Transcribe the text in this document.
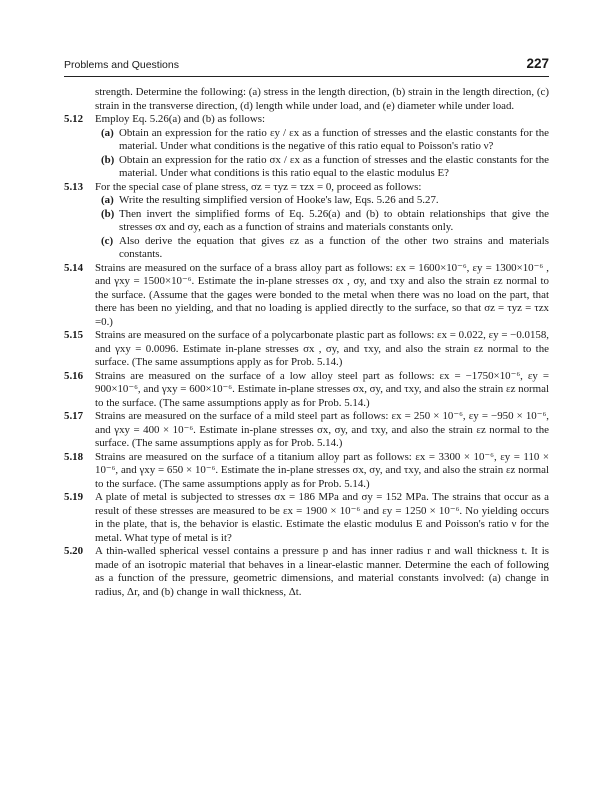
Problems and Questions	227
strength. Determine the following: (a) stress in the length direction, (b) strain in the length direction, (c) strain in the transverse direction, (d) length while under load, and (e) diameter while under load.
5.12 Employ Eq. 5.26(a) and (b) as follows:
(a) Obtain an expression for the ratio εy / εx as a function of stresses and the elastic constants for the material. Under what conditions is the negative of this ratio equal to Poisson's ratio ν?
(b) Obtain an expression for the ratio σx / εx as a function of stresses and the elastic constants for the material. Under what conditions is this ratio equal to the elastic modulus E?
5.13 For the special case of plane stress, σz = τyz = τzx = 0, proceed as follows:
(a) Write the resulting simplified version of Hooke's law, Eqs. 5.26 and 5.27.
(b) Then invert the simplified forms of Eq. 5.26(a) and (b) to obtain relationships that give the stresses σx and σy, each as a function of strains and materials constants only.
(c) Also derive the equation that gives εz as a function of the other two strains and materials constants.
5.14 Strains are measured on the surface of a brass alloy part as follows: εx = 1600×10⁻⁶, εy = 1300×10⁻⁶ , and γxy = 1500×10⁻⁶. Estimate the in-plane stresses σx , σy, and τxy and also the strain εz normal to the surface. (Assume that the gages were bonded to the metal when there was no load on the part, that there has been no yielding, and that no loading is applied directly to the surface, so that σz = τyz = τzx =0.)
5.15 Strains are measured on the surface of a polycarbonate plastic part as follows: εx = 0.022, εy = −0.0158, and γxy = 0.0096. Estimate in-plane stresses σx , σy, and τxy, and also the strain εz normal to the surface. (The same assumptions apply as for Prob. 5.14.)
5.16 Strains are measured on the surface of a low alloy steel part as follows: εx = −1750×10⁻⁶, εy = 900×10⁻⁶, and γxy = 600×10⁻⁶. Estimate in-plane stresses σx, σy, and τxy, and also the strain εz normal to the surface. (The same assumptions apply as for Prob. 5.14.)
5.17 Strains are measured on the surface of a mild steel part as follows: εx = 250 × 10⁻⁶, εy = −950 × 10⁻⁶, and γxy = 400 × 10⁻⁶. Estimate in-plane stresses σx, σy, and τxy, and also the strain εz normal to the surface. (The same assumptions apply as for Prob. 5.14.)
5.18 Strains are measured on the surface of a titanium alloy part as follows: εx = 3300 × 10⁻⁶, εy = 110 × 10⁻⁶, and γxy = 650 × 10⁻⁶. Estimate the in-plane stresses σx, σy, and τxy, and also the strain εz normal to the surface. (The same assumptions apply as for Prob. 5.14.)
5.19 A plate of metal is subjected to stresses σx = 186 MPa and σy = 152 MPa. The strains that occur as a result of these stresses are measured to be εx = 1900 × 10⁻⁶ and εy = 1250 × 10⁻⁶. No yielding occurs in the plate, that is, the behavior is elastic. Estimate the elastic modulus E and Poisson's ratio ν for the metal. What type of metal is it?
5.20 A thin-walled spherical vessel contains a pressure p and has inner radius r and wall thickness t. It is made of an isotropic material that behaves in a linear-elastic manner. Determine the each of following as a function of the pressure, geometric dimensions, and material constants involved: (a) change in radius, Δr, and (b) change in wall thickness, Δt.
